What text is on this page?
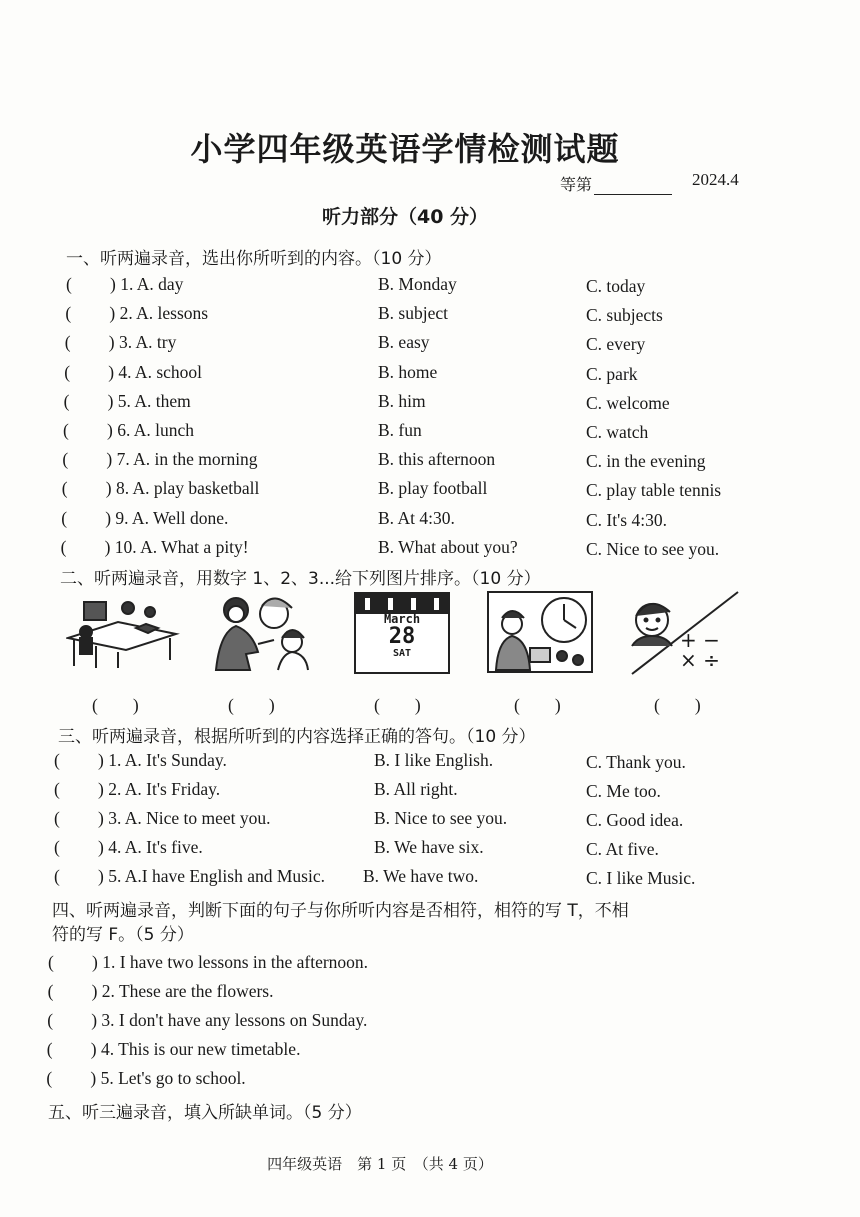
小学四年级英语学情检测试题
等第	2024.4
听力部分（40 分）
一、听两遍录音，选出你所听到的内容。（10 分）
( ) 1. A. day	B. Monday	C. today
( ) 2. A. lessons	B. subject	C. subjects
( ) 3. A. try	B. easy	C. every
( ) 4. A. school	B. home	C. park
( ) 5. A. them	B. him	C. welcome
( ) 6. A. lunch	B. fun	C. watch
( ) 7. A. in the morning	B. this afternoon	C. in the evening
( ) 8. A. play basketball	B. play football	C. play table tennis
( ) 9. A. Well done.	B. At 4:30.	C. It's 4:30.
( ) 10. A. What a pity!	B. What about you?	C. Nice to see you.
二、听两遍录音，用数字 1、2、3...给下列图片排序。（10 分）
March
28
SAT
+ −
× ÷
(　　)	(　　)	(　　)	(　　)	(　　)
三、听两遍录音，根据所听到的内容选择正确的答句。（10 分）
( ) 1. A. It's Sunday.	B. I like English.	C. Thank you.
( ) 2. A. It's Friday.	B. All right.	C. Me too.
( ) 3. A. Nice to meet you.	B. Nice to see you.	C. Good idea.
( ) 4. A. It's five.	B. We have six.	C. At five.
( ) 5. A.I have English and Music. B. We have two.	C. I like Music.
四、听两遍录音，判断下面的句子与你所听内容是否相符，相符的写 T，不相
符的写 F。（5 分）
( ) 1. I have two lessons in the afternoon.
( ) 2. These are the flowers.
( ) 3. I don't have any lessons on Sunday.
( ) 4. This is our new timetable.
( ) 5. Let's go to school.
五、听三遍录音，填入所缺单词。（5 分）
四年级英语　第 1 页　（共 4 页）
